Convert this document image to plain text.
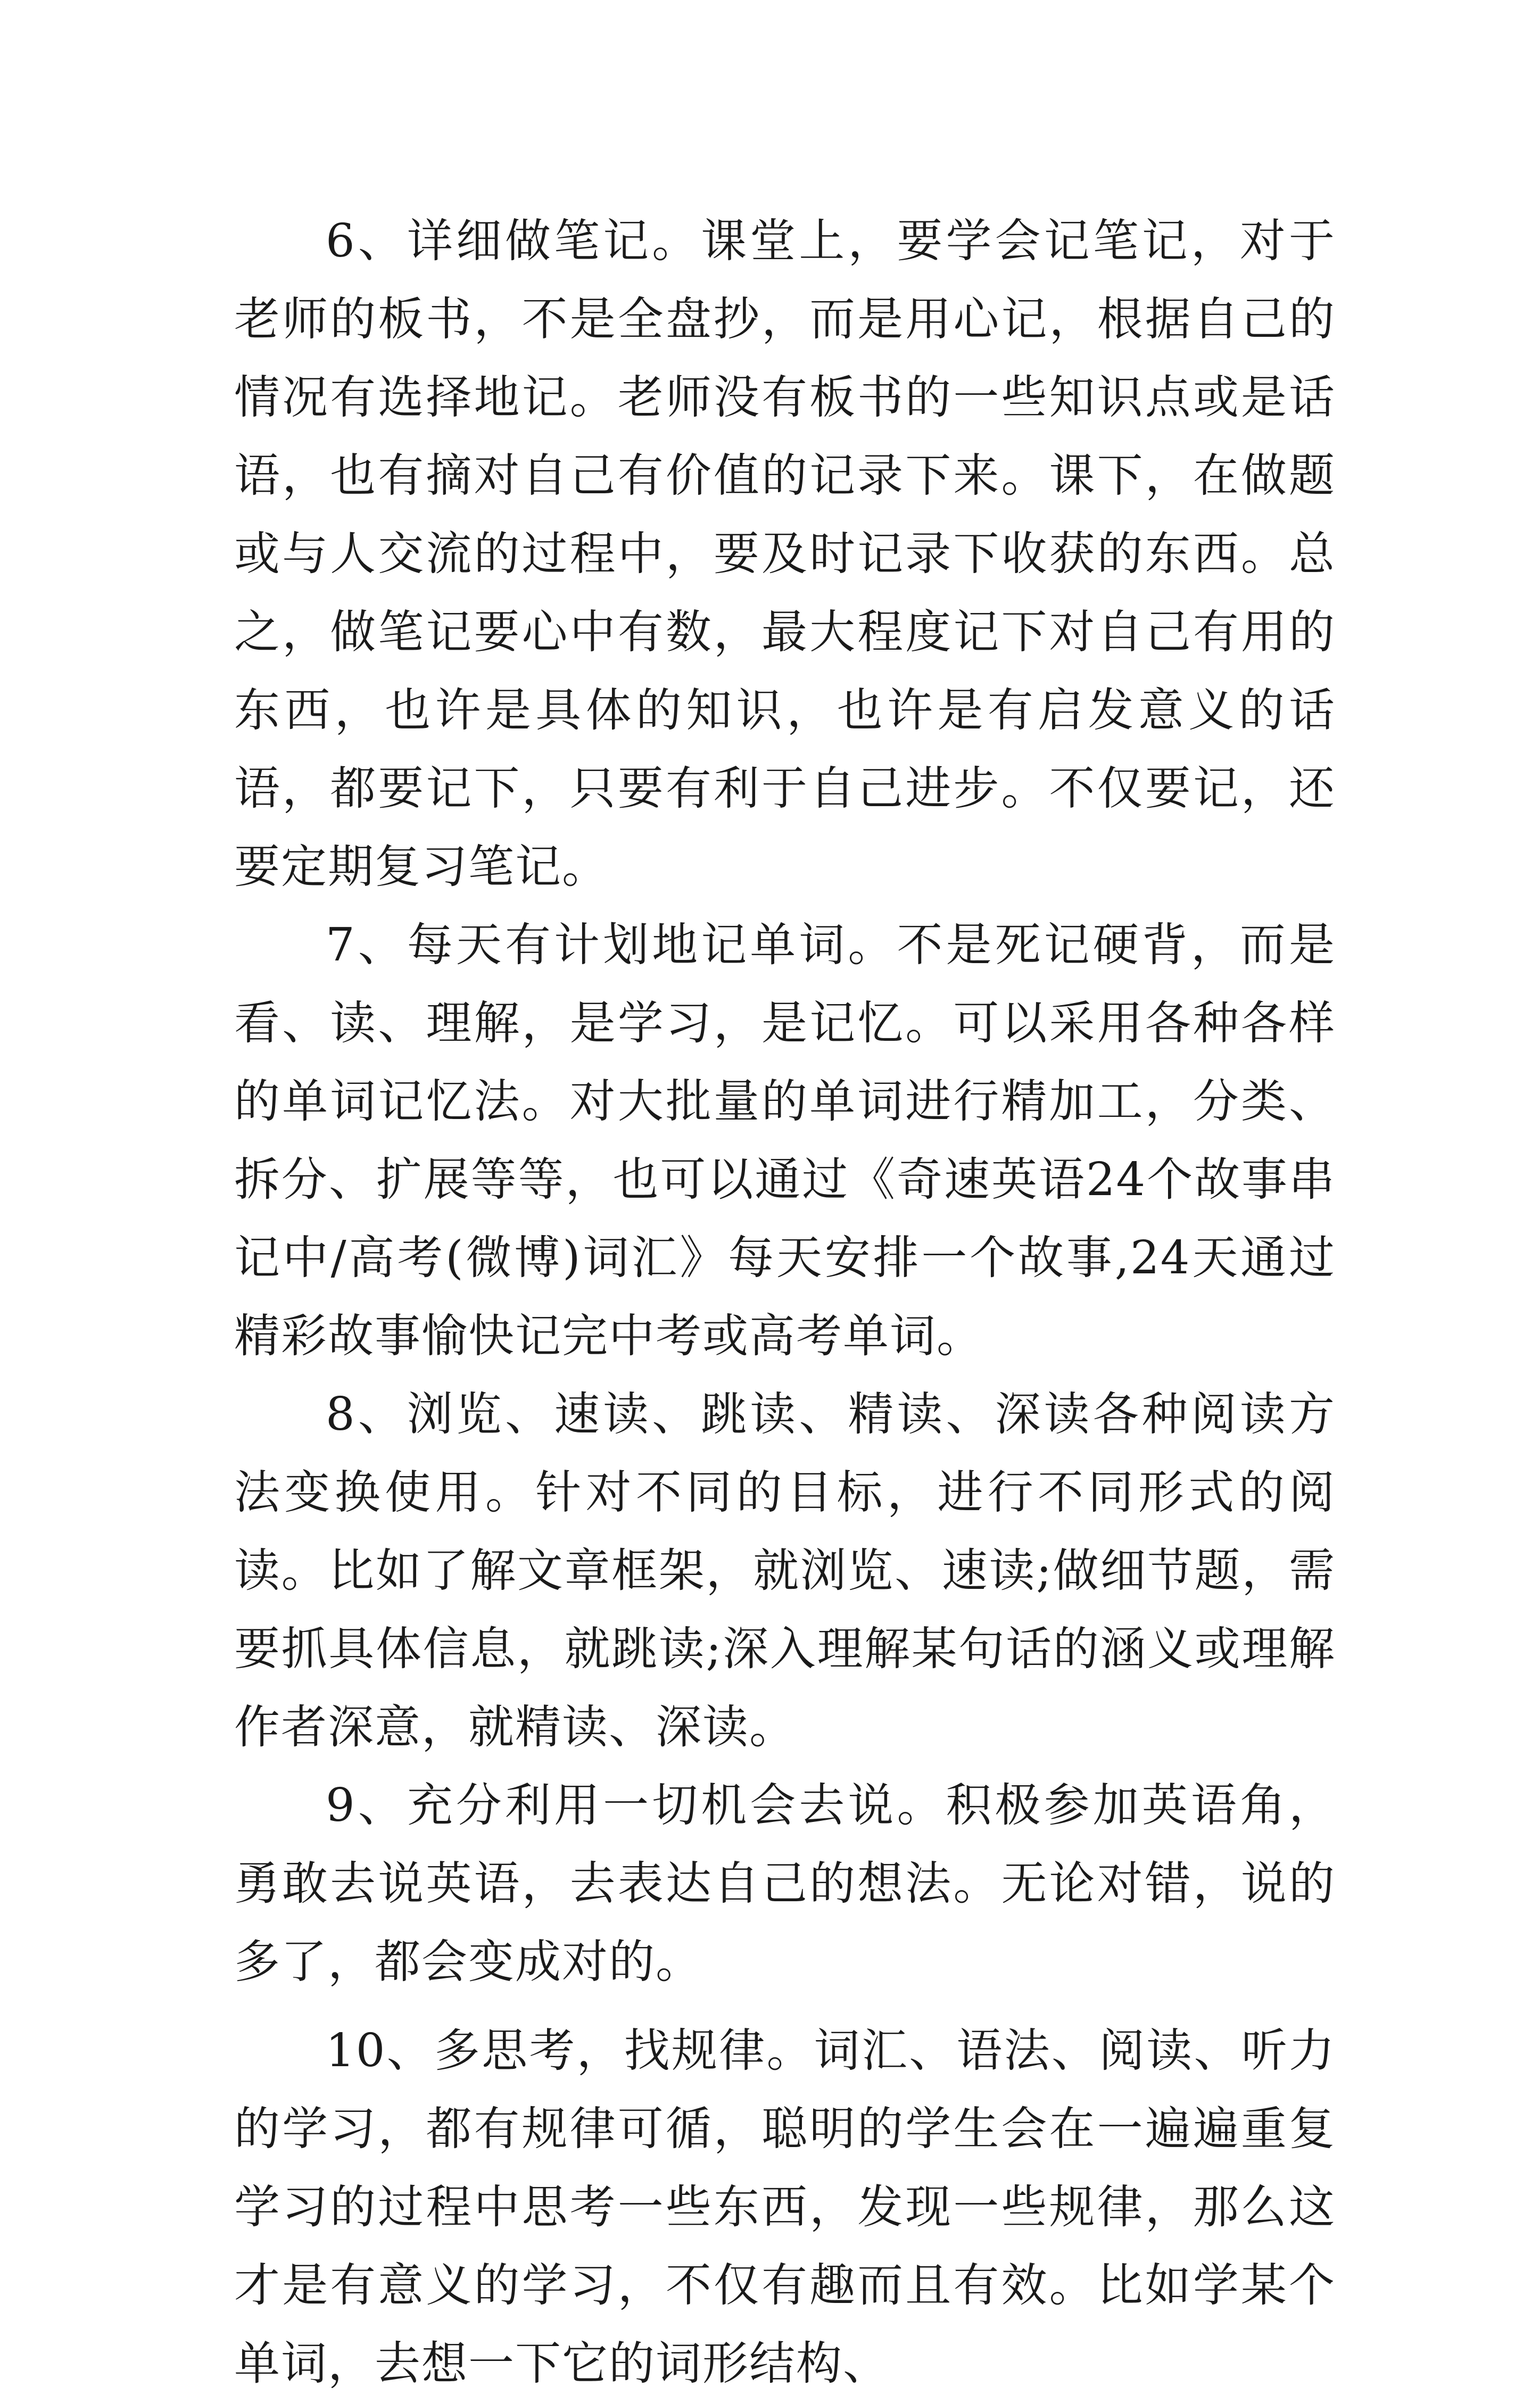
6、详细做笔记。课堂上，要学会记笔记，对于老师的板书，不是全盘抄，而是用心记，根据自己的情况有选择地记。老师没有板书的一些知识点或是话语，也有摘对自己有价值的记录下来。课下，在做题或与人交流的过程中，要及时记录下收获的东西。总之，做笔记要心中有数，最大程度记下对自己有用的东西，也许是具体的知识，也许是有启发意义的话语，都要记下，只要有利于自己进步。不仅要记，还要定期复习笔记。

7、每天有计划地记单词。不是死记硬背，而是看、读、理解，是学习，是记忆。可以采用各种各样的单词记忆法。对大批量的单词进行精加工，分类、拆分、扩展等等，也可以通过《奇速英语24个故事串记中/高考(微博)词汇》每天安排一个故事,24天通过精彩故事愉快记完中考或高考单词。

8、浏览、速读、跳读、精读、深读各种阅读方法变换使用。针对不同的目标，进行不同形式的阅读。比如了解文章框架，就浏览、速读;做细节题，需要抓具体信息，就跳读;深入理解某句话的涵义或理解作者深意，就精读、深读。

9、充分利用一切机会去说。积极参加英语角，勇敢去说英语，去表达自己的想法。无论对错，说的多了，都会变成对的。

10、多思考，找规律。词汇、语法、阅读、听力的学习，都有规律可循，聪明的学生会在一遍遍重复学习的过程中思考一些东西，发现一些规律，那么这才是有意义的学习，不仅有趣而且有效。比如学某个单词，去想一下它的词形结构、
